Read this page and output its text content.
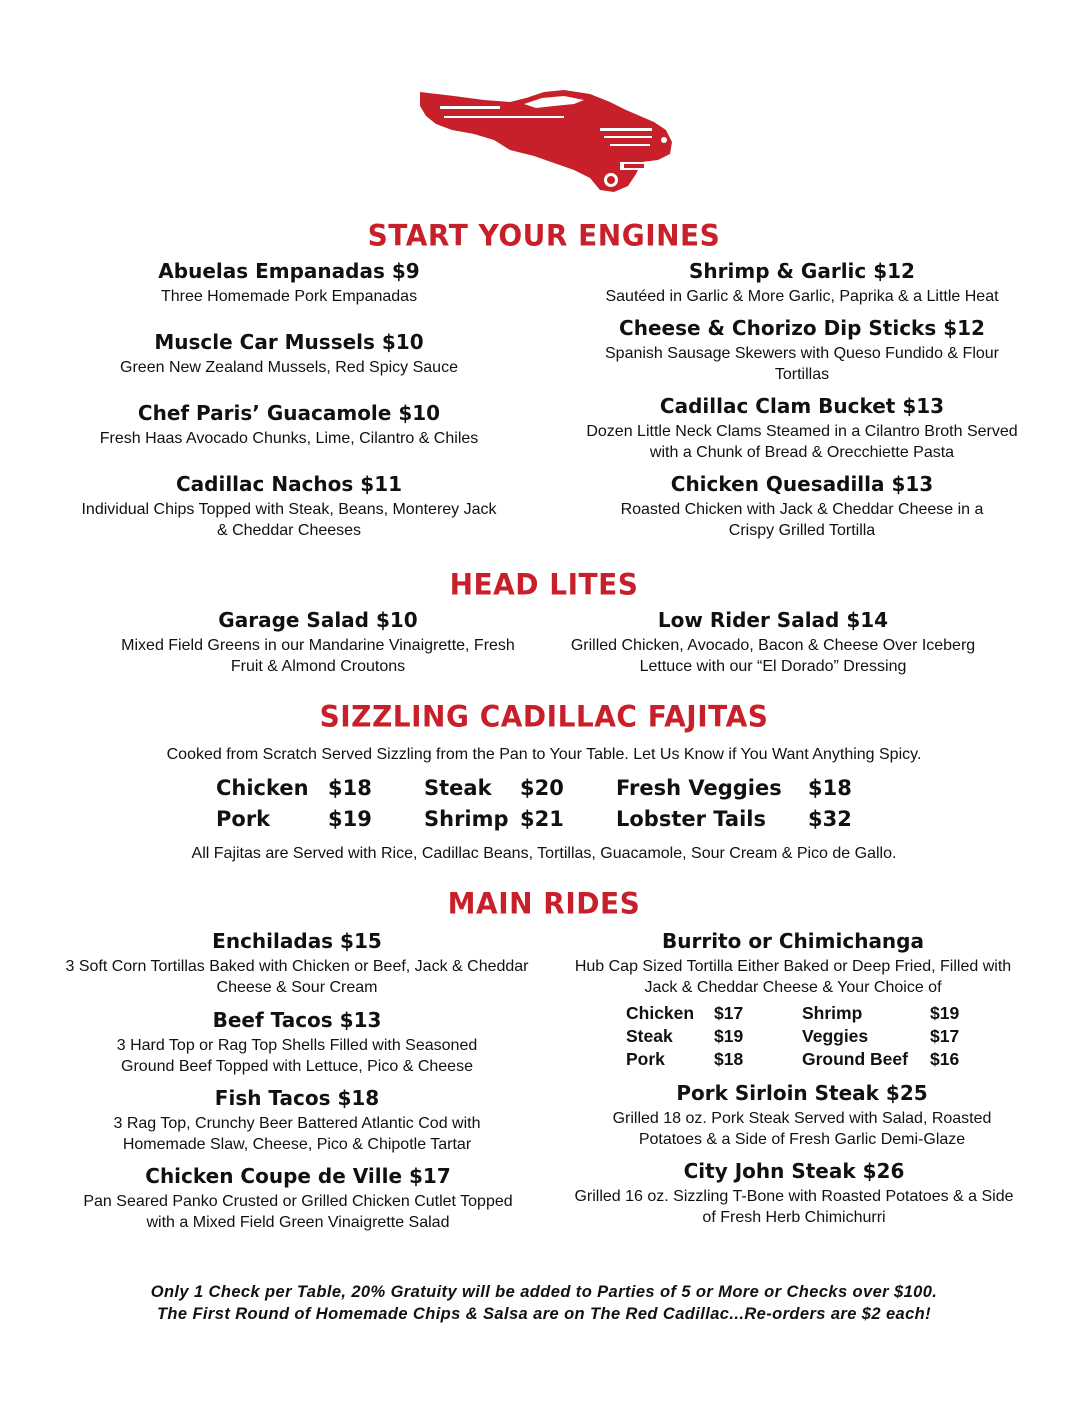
START YOUR ENGINES
Abuelas Empanadas $9
Three Homemade Pork Empanadas
Muscle Car Mussels $10
Green New Zealand Mussels, Red Spicy Sauce
Chef Paris’ Guacamole $10
Fresh Haas Avocado Chunks, Lime, Cilantro & Chiles
Cadillac Nachos $11
Individual Chips Topped with Steak, Beans, Monterey Jack & Cheddar Cheeses
Shrimp & Garlic $12
Sautéed in Garlic & More Garlic, Paprika & a Little Heat
Cheese & Chorizo Dip Sticks $12
Spanish Sausage Skewers with Queso Fundido & Flour Tortillas
Cadillac Clam Bucket $13
Dozen Little Neck Clams Steamed in a Cilantro Broth Served with a Chunk of Bread & Orecchiette Pasta
Chicken Quesadilla $13
Roasted Chicken with Jack & Cheddar Cheese in a Crispy Grilled Tortilla
HEAD LITES
Garage Salad $10
Mixed Field Greens in our Mandarine Vinaigrette, Fresh Fruit & Almond Croutons
Low Rider Salad $14
Grilled Chicken, Avocado, Bacon & Cheese Over Iceberg Lettuce with our “El Dorado” Dressing
SIZZLING CADILLAC FAJITAS
Cooked from Scratch Served Sizzling from the Pan to Your Table. Let Us Know if You Want Anything Spicy.
Chicken $18 Steak $20 Fresh Veggies $18
Pork	$19 Shrimp $21 Lobster Tails $32
All Fajitas are Served with Rice, Cadillac Beans, Tortillas, Guacamole, Sour Cream & Pico de Gallo.
MAIN RIDES
Enchiladas $15
3 Soft Corn Tortillas Baked with Chicken or Beef, Jack & Cheddar Cheese & Sour Cream
Beef Tacos $13
3 Hard Top or Rag Top Shells Filled with Seasoned Ground Beef Topped with Lettuce, Pico & Cheese
Fish Tacos $18
3 Rag Top, Crunchy Beer Battered Atlantic Cod with Homemade Slaw, Cheese, Pico & Chipotle Tartar
Chicken Coupe de Ville $17
Pan Seared Panko Crusted or Grilled Chicken Cutlet Topped with a Mixed Field Green Vinaigrette Salad
Burrito or Chimichanga
Hub Cap Sized Tortilla Either Baked or Deep Fried, Filled with Jack & Cheddar Cheese & Your Choice of
Chicken $17	Shrimp	$19
Steak $19	Veggies	$17
Pork	$18	Ground Beef $16
Pork Sirloin Steak $25
Grilled 18 oz. Pork Steak Served with Salad, Roasted Potatoes & a Side of Fresh Garlic Demi-Glaze
City John Steak $26
Grilled 16 oz. Sizzling T-Bone with Roasted Potatoes & a Side of Fresh Herb Chimichurri
Only 1 Check per Table, 20% Gratuity will be added to Parties of 5 or More or Checks over $100.
The First Round of Homemade Chips & Salsa are on The Red Cadillac...Re-orders are $2 each!
